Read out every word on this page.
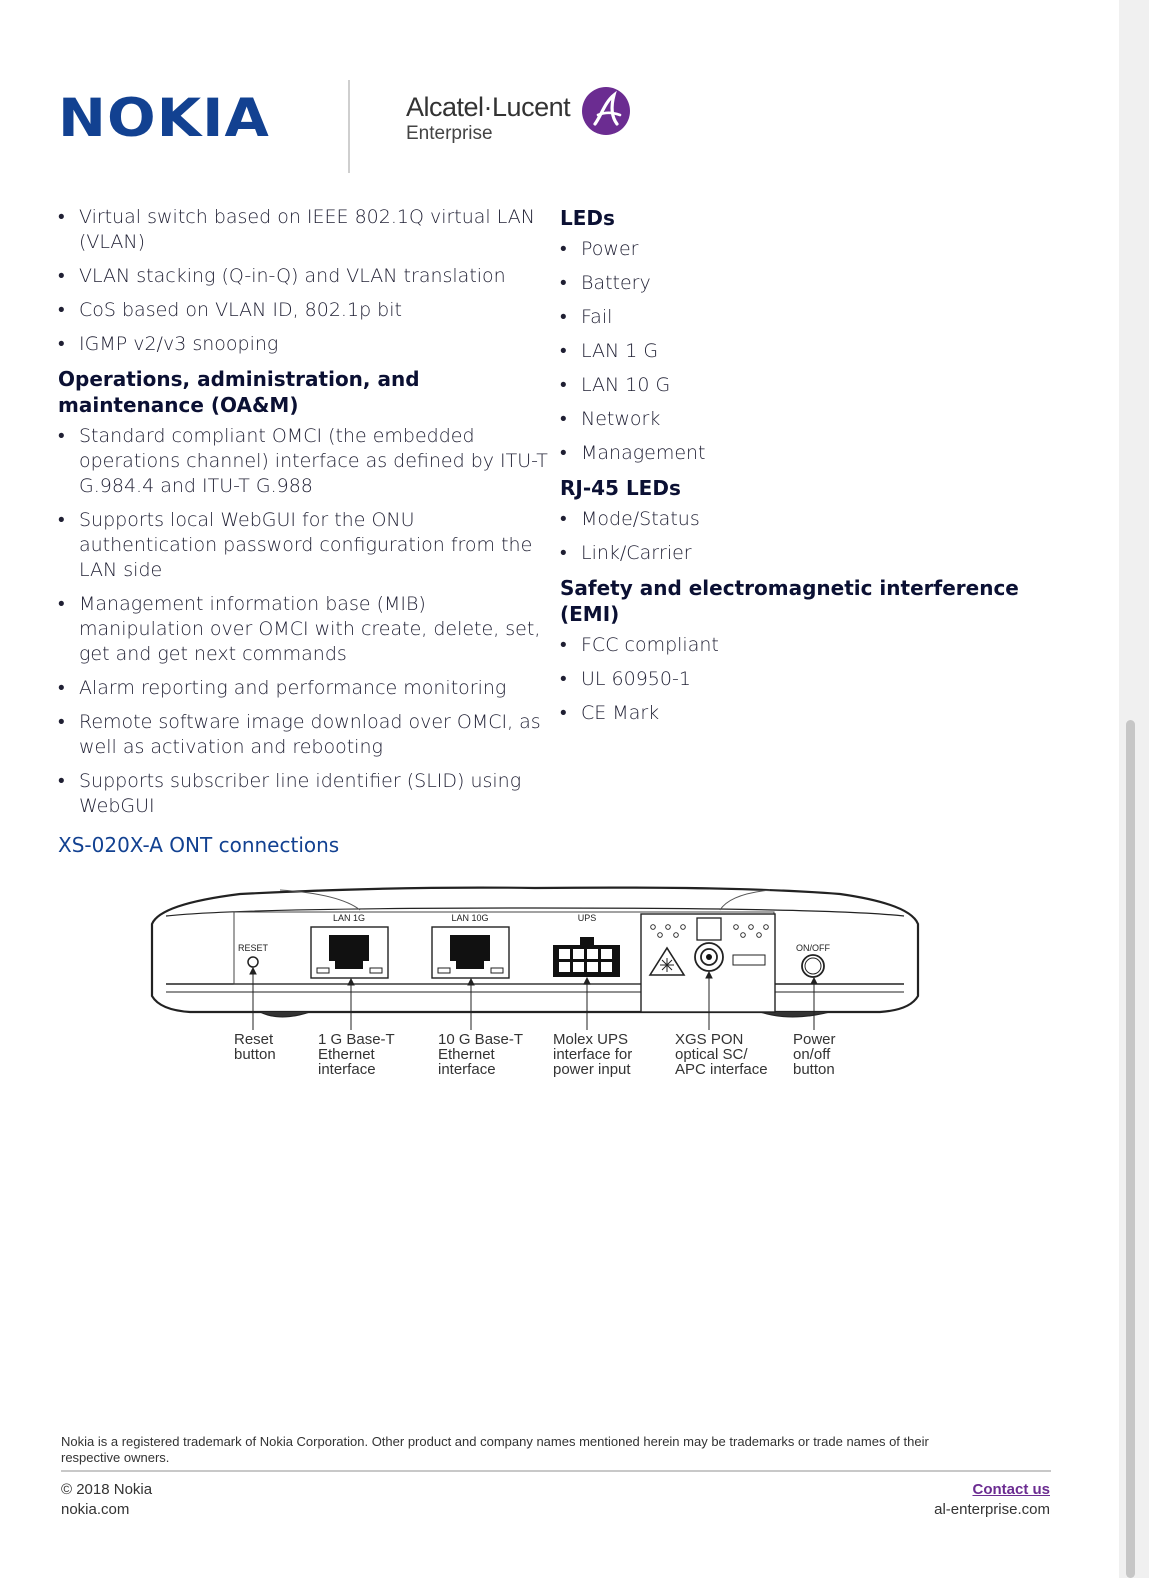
NOKIA	Alcatel·Lucent
Enterprise
• Virtual switch based on IEEE 802.1Q virtual LAN (VLAN)
• VLAN stacking (Q-in-Q) and VLAN translation
• CoS based on VLAN ID, 802.1p bit
• IGMP v2/v3 snooping
Operations, administration, and maintenance (OA&M)
• Standard compliant OMCI (the embedded operations channel) interface as defined by ITU-T G.984.4 and ITU-T G.988
• Supports local WebGUI for the ONU authentication password configuration from the LAN side
• Management information base (MIB) manipulation over OMCI with create, delete, set, get and get next commands
• Alarm reporting and performance monitoring
• Remote software image download over OMCI, as well as activation and rebooting
• Supports subscriber line identifier (SLID) using WebGUI
LEDs
• Power
• Battery
• Fail
• LAN 1 G
• LAN 10 G
• Network
• Management
RJ-45 LEDs
• Mode/Status
• Link/Carrier
Safety and electromagnetic interference (EMI)
• FCC compliant
• UL 60950-1
• CE Mark
XS-020X-A ONT connections
RESET
LAN 1G	LAN 10G	UPS
ON/OFF
Reset
button
1 G Base-T
Ethernet
interface
10 G Base-T
Ethernet
interface
Molex UPS
interface for
power input
XGS PON
optical SC/
APC interface
Power
on/off
button
Nokia is a registered trademark of Nokia Corporation. Other product and company names mentioned herein may be trademarks or trade names of their respective owners.
© 2018 Nokia
nokia.com
Contact us
al-enterprise.com
